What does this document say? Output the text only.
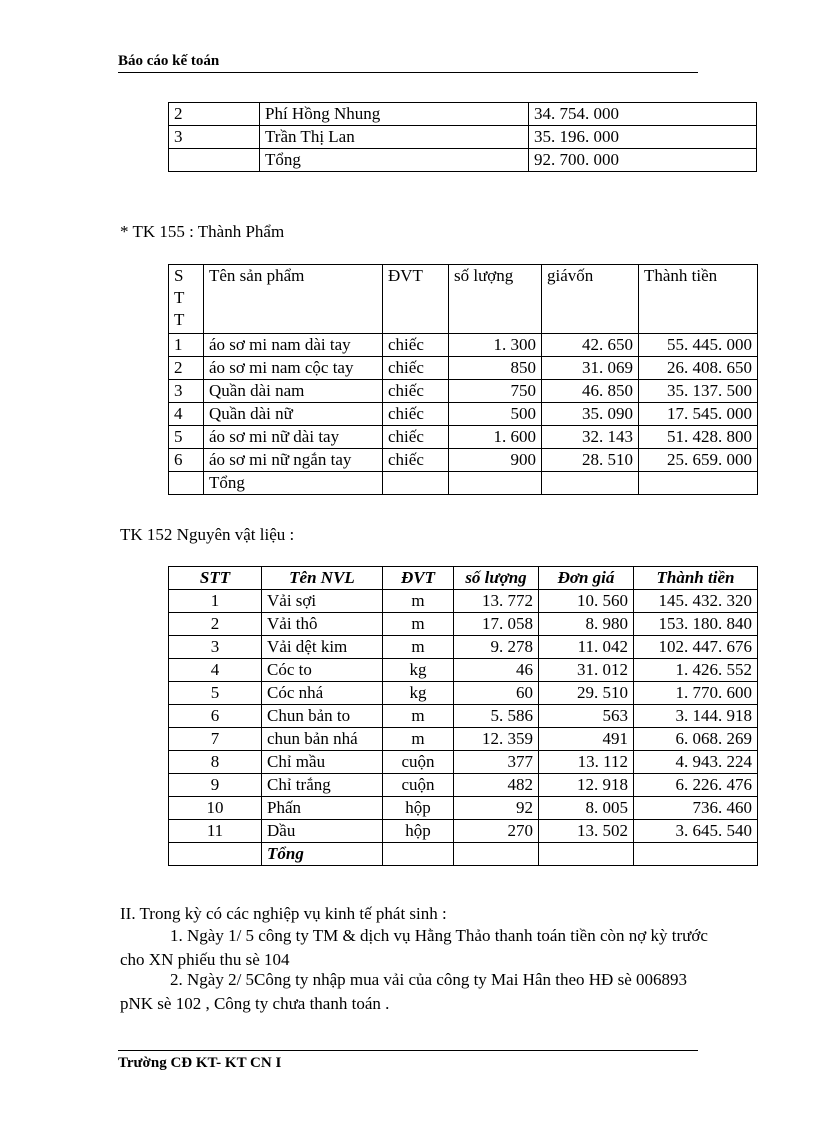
Báo cáo kế toán
2	Phí Hồng Nhung	34. 754. 000
3	Trần Thị Lan	35. 196. 000
	Tổng	92. 700. 000
* TK 155 : Thành Phẩm
S
T
T	Tên sản phẩm	ĐVT	số lượng	giávốn	Thành tiền
1	áo sơ mi nam dài tay	chiếc	1. 300	42. 650	55. 445. 000
2	áo sơ mi nam cộc tay	chiếc	850	31. 069	26. 408. 650
3	Quần dài nam	chiếc	750	46. 850	35. 137. 500
4	Quần dài nữ	chiếc	500	35. 090	17. 545. 000
5	áo sơ mi nữ dài tay	chiếc	1. 600	32. 143	51. 428. 800
6	áo sơ mi nữ ngắn tay	chiếc	900	28. 510	25. 659. 000
	Tổng				
TK 152 Nguyên vật liệu :
STT	Tên NVL	ĐVT	số lượng	Đơn giá	Thành tiền
1	Vải sợi	m	13. 772	10. 560	145. 432. 320
2	Vải thô	m	17. 058	8. 980	153. 180. 840
3	Vải dệt kim	m	9. 278	11. 042	102. 447. 676
4	Cóc to	kg	46	31. 012	1. 426. 552
5	Cóc nhá	kg	60	29. 510	1. 770. 600
6	Chun bản to	m	5. 586	563	3. 144. 918
7	chun bản nhá	m	12. 359	491	6. 068. 269
8	Chỉ mầu	cuộn	377	13. 112	4. 943. 224
9	Chỉ trắng	cuộn	482	12. 918	6. 226. 476
10	Phấn	hộp	92	8. 005	736. 460
11	Dầu	hộp	270	13. 502	3. 645. 540
	Tổng				
II. Trong kỳ có các nghiệp vụ kinh tế phát sinh :
1. Ngày 1/ 5 công ty TM & dịch vụ Hằng Thảo thanh toán tiền còn nợ kỳ trước cho XN phiếu thu sè 104
2. Ngày 2/ 5Công ty nhập mua vải của công ty Mai Hân theo HĐ sè 006893 pNK sè 102 , Công ty chưa thanh toán .
Trường CĐ KT- KT CN I
